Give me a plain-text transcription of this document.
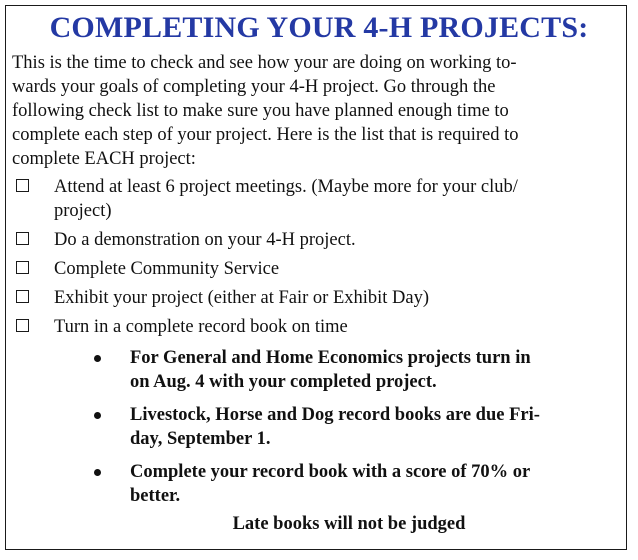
COMPLETING YOUR 4-H PROJECTS:
This is the time to check and see how your are doing on working to-
wards your goals of completing your 4-H project. Go through the
following check list to make sure you have planned enough time to
complete each step of your project. Here is the list that is required to
complete EACH project:
Attend at least 6 project meetings. (Maybe more for your club/
project)
Do a demonstration on your 4-H project.
Complete Community Service
Exhibit your project (either at Fair or Exhibit Day)
Turn in a complete record book on time
For General and Home Economics projects turn in
on Aug. 4 with your completed project.
Livestock, Horse and Dog record books are due Fri-
day, September 1.
Complete your record book with a score of 70% or
better.
Late books will not be judged
